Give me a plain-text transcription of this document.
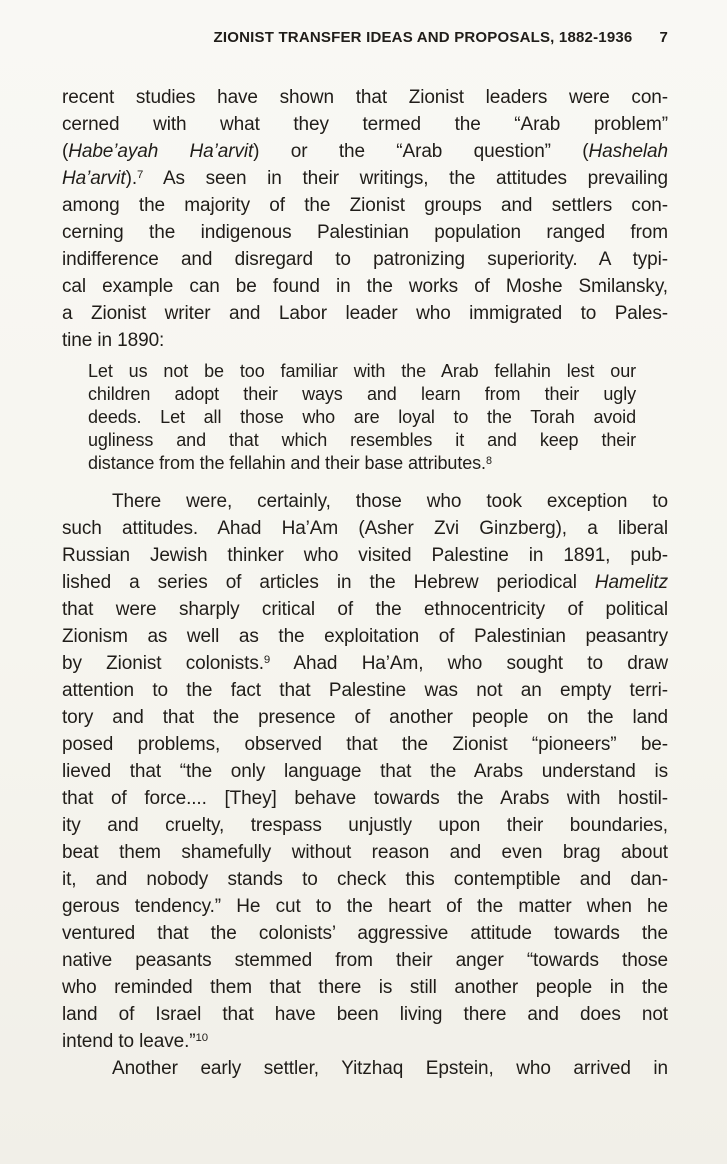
ZIONIST TRANSFER IDEAS AND PROPOSALS, 1882-1936 7
recent studies have shown that Zionist leaders were con-
cerned with what they termed the “Arab problem”
(Habe’ayah Ha’arvit) or the “Arab question” (Hashelah
Ha’arvit).$^7$ As seen in their writings, the attitudes prevailing
among the majority of the Zionist groups and settlers con-
cerning the indigenous Palestinian population ranged from
indifference and disregard to patronizing superiority. A typi-
cal example can be found in the works of Moshe Smilansky,
a Zionist writer and Labor leader who immigrated to Pales-
tine in 1890:
Let us not be too familiar with the Arab fellahin lest our
children adopt their ways and learn from their ugly
deeds. Let all those who are loyal to the Torah avoid
ugliness and that which resembles it and keep their
distance from the fellahin and their base attributes.$^8$
There were, certainly, those who took exception to
such attitudes. Ahad Ha’Am (Asher Zvi Ginzberg), a liberal
Russian Jewish thinker who visited Palestine in 1891, pub-
lished a series of articles in the Hebrew periodical Hamelitz
that were sharply critical of the ethnocentricity of political
Zionism as well as the exploitation of Palestinian peasantry
by Zionist colonists.$^9$ Ahad Ha’Am, who sought to draw
attention to the fact that Palestine was not an empty terri-
tory and that the presence of another people on the land
posed problems, observed that the Zionist “pioneers” be-
lieved that “the only language that the Arabs understand is
that of force.... [They] behave towards the Arabs with hostil-
ity and cruelty, trespass unjustly upon their boundaries,
beat them shamefully without reason and even brag about
it, and nobody stands to check this contemptible and dan-
gerous tendency.” He cut to the heart of the matter when he
ventured that the colonists’ aggressive attitude towards the
native peasants stemmed from their anger “towards those
who reminded them that there is still another people in the
land of Israel that have been living there and does not
intend to leave.”$^{10}$
Another early settler, Yitzhaq Epstein, who arrived in
